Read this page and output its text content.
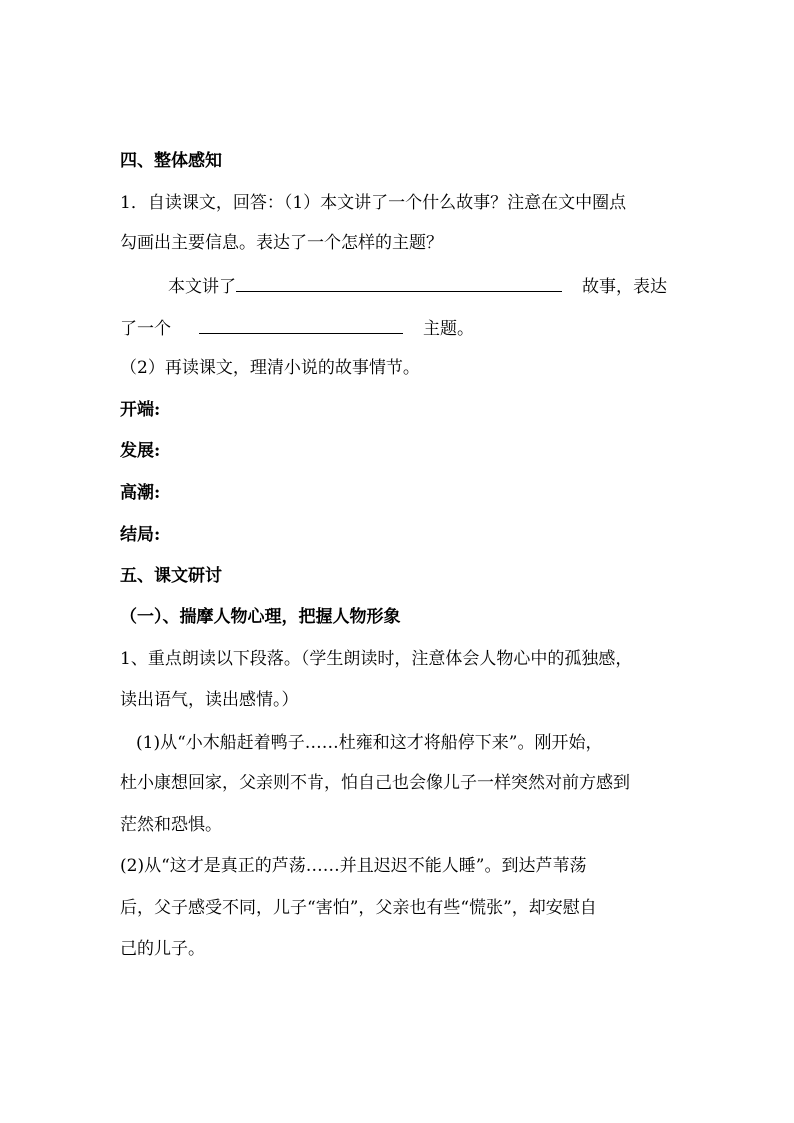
四、整体感知
1．自读课文，回答：（1）本文讲了一个什么故事？注意在文中圈点
勾画出主要信息。表达了一个怎样的主题？
本文讲了	故事，表达
了一个	主题。
（2）再读课文，理清小说的故事情节。
开端:
发展:
高潮:
结局:
五、课文研讨
（一）、揣摩人物心理，把握人物形象
1、重点朗读以下段落。（学生朗读时，注意体会人物心中的孤独感，
读出语气，读出感情。）
(1)从“小木船赶着鸭子……杜雍和这才将船停下来”。刚开始，
杜小康想回家，父亲则不肯，怕自己也会像儿子一样突然对前方感到
茫然和恐惧。
(2)从“这才是真正的芦荡……并且迟迟不能人睡”。到达芦苇荡
后，父子感受不同，儿子“害怕”，父亲也有些“慌张”，却安慰自
己的儿子。
